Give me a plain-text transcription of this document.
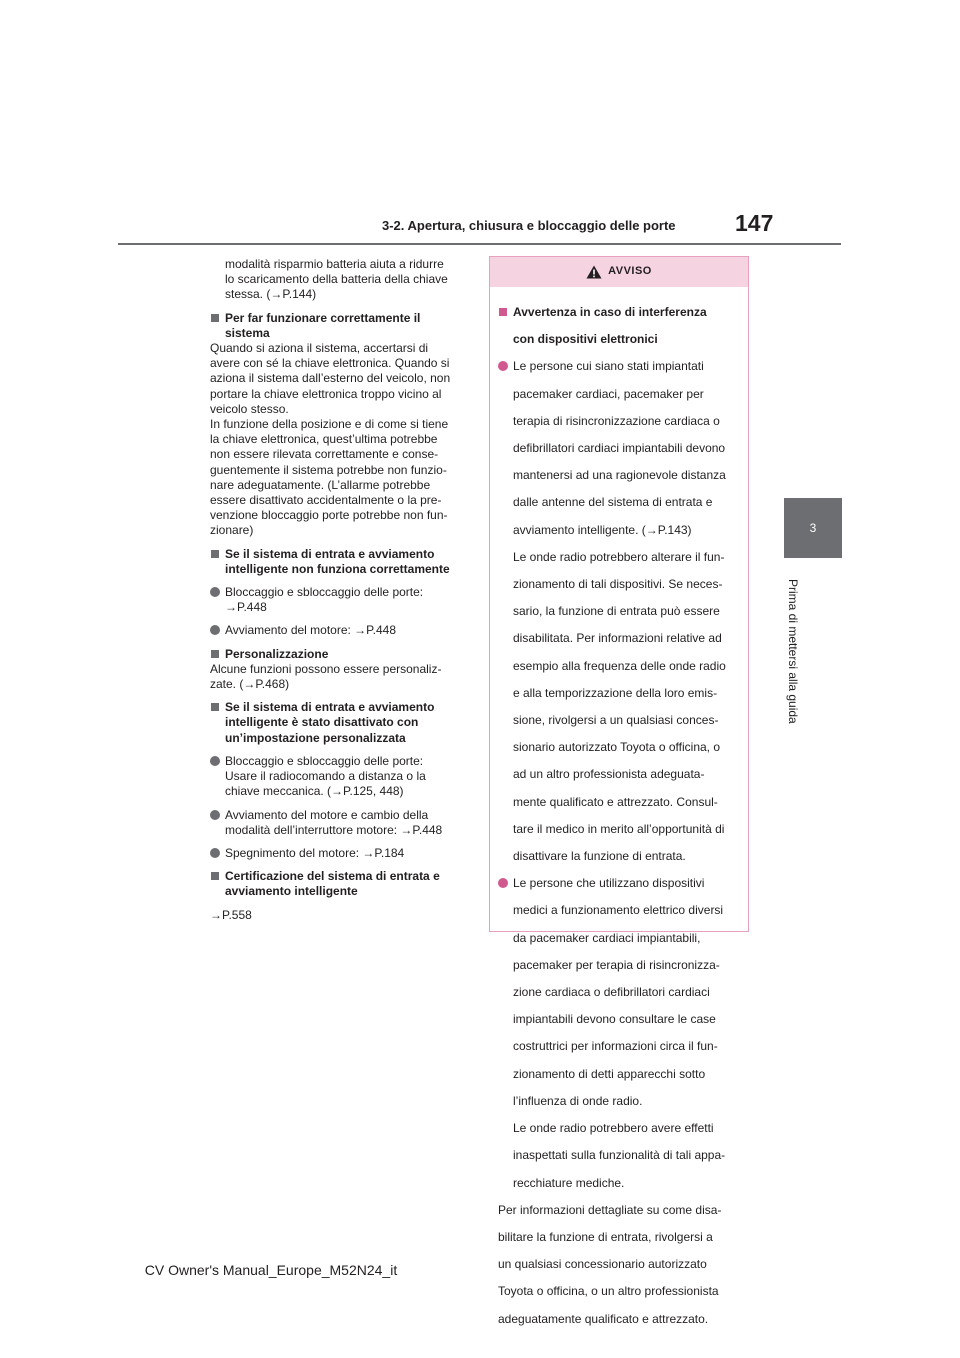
3-2. Apertura, chiusura e bloccaggio delle porte	147
3
Prima di mettersi alla guida

modalità risparmio batteria aiuta a ridurre

lo scaricamento della batteria della chiave

stessa. (→P.144)

Per far funzionare correttamente il

sistema

Quando si aziona il sistema, accertarsi di

avere con sé la chiave elettronica. Quando si

aziona il sistema dall’esterno del veicolo, non

portare la chiave elettronica troppo vicino al

veicolo stesso.

In funzione della posizione e di come si tiene

la chiave elettronica, quest’ultima potrebbe

non essere rilevata correttamente e conse-

guentemente il sistema potrebbe non funzio-

nare adeguatamente. (L’allarme potrebbe

essere disattivato accidentalmente o la pre-

venzione bloccaggio porte potrebbe non fun-

zionare)

Se il sistema di entrata e avviamento

intelligente non funziona correttamente

Bloccaggio e sbloccaggio delle porte:

→P.448

Avviamento del motore: →P.448

Personalizzazione

Alcune funzioni possono essere personaliz-

zate. (→P.468)

Se il sistema di entrata e avviamento

intelligente è stato disattivato con

un’impostazione personalizzata

Bloccaggio e sbloccaggio delle porte:

Usare il radiocomando a distanza o la

chiave meccanica. (→P.125, 448)

Avviamento del motore e cambio della

modalità dell’interruttore motore: →P.448

Spegnimento del motore: →P.184

Certificazione del sistema di entrata e

avviamento intelligente

→P.558

AVVISO

Avvertenza in caso di interferenza

con dispositivi elettronici

Le persone cui siano stati impiantati

pacemaker cardiaci, pacemaker per

terapia di risincronizzazione cardiaca o

defibrillatori cardiaci impiantabili devono

mantenersi ad una ragionevole distanza

dalle antenne del sistema di entrata e

avviamento intelligente. (→P.143)

Le onde radio potrebbero alterare il fun-

zionamento di tali dispositivi. Se neces-

sario, la funzione di entrata può essere

disabilitata. Per informazioni relative ad

esempio alla frequenza delle onde radio

e alla temporizzazione della loro emis-

sione, rivolgersi a un qualsiasi conces-

sionario autorizzato Toyota o officina, o

ad un altro professionista adeguata-

mente qualificato e attrezzato. Consul-

tare il medico in merito all’opportunità di

disattivare la funzione di entrata.

Le persone che utilizzano dispositivi

medici a funzionamento elettrico diversi

da pacemaker cardiaci impiantabili,

pacemaker per terapia di risincronizza-

zione cardiaca o defibrillatori cardiaci

impiantabili devono consultare le case

costruttrici per informazioni circa il fun-

zionamento di detti apparecchi sotto

l’influenza di onde radio.

Le onde radio potrebbero avere effetti

inaspettati sulla funzionalità di tali appa-

recchiature mediche.

Per informazioni dettagliate su come disa-

bilitare la funzione di entrata, rivolgersi a

un qualsiasi concessionario autorizzato

Toyota o officina, o un altro professionista

adeguatamente qualificato e attrezzato.

CV Owner's Manual_Europe_M52N24_it
